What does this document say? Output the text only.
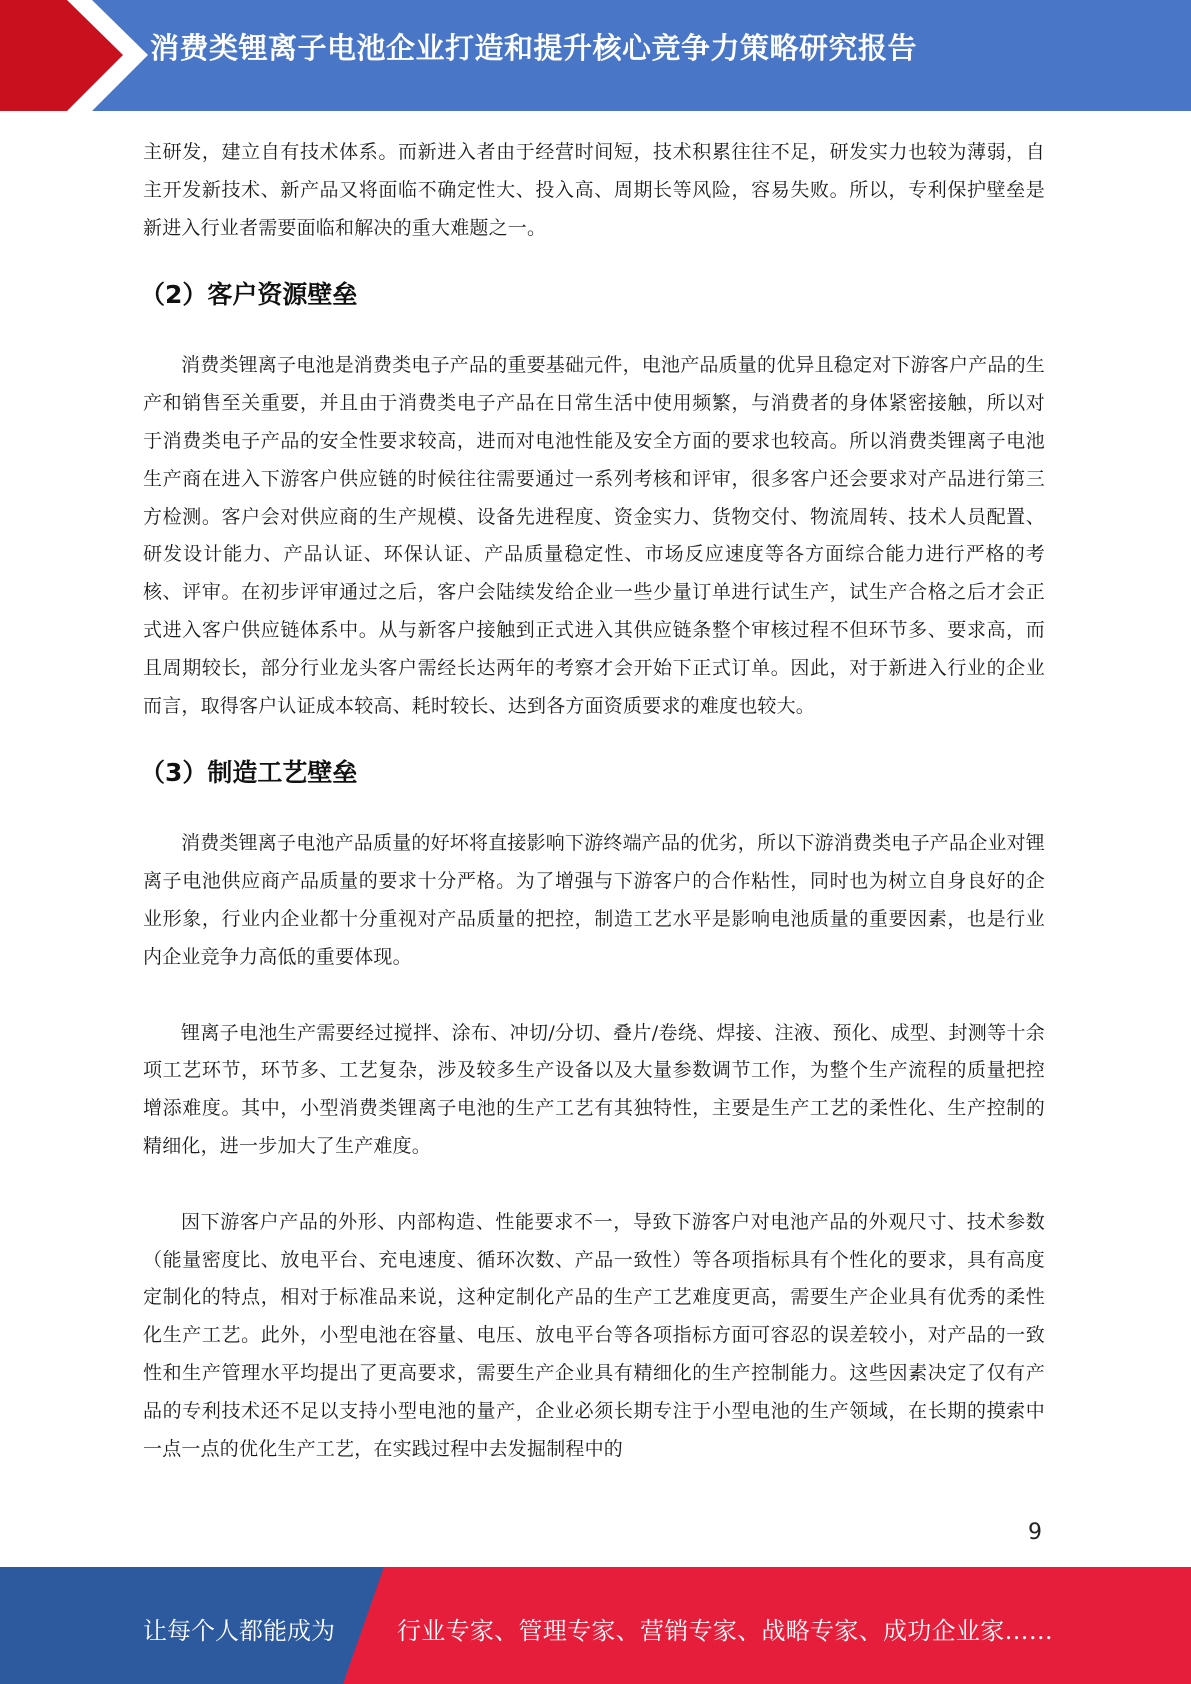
消费类锂离子电池企业打造和提升核心竞争力策略研究报告

主研发，建立自有技术体系。而新进入者由于经营时间短，技术积累往往不足，研发实力也较为薄弱，自主开发新技术、新产品又将面临不确定性大、投入高、周期长等风险，容易失败。所以，专利保护壁垒是新进入行业者需要面临和解决的重大难题之一。

（2）客户资源壁垒

消费类锂离子电池是消费类电子产品的重要基础元件，电池产品质量的优异且稳定对下游客户产品的生产和销售至关重要，并且由于消费类电子产品在日常生活中使用频繁，与消费者的身体紧密接触，所以对于消费类电子产品的安全性要求较高，进而对电池性能及安全方面的要求也较高。所以消费类锂离子电池生产商在进入下游客户供应链的时候往往需要通过一系列考核和评审，很多客户还会要求对产品进行第三方检测。客户会对供应商的生产规模、设备先进程度、资金实力、货物交付、物流周转、技术人员配置、研发设计能力、产品认证、环保认证、产品质量稳定性、市场反应速度等各方面综合能力进行严格的考核、评审。在初步评审通过之后，客户会陆续发给企业一些少量订单进行试生产，试生产合格之后才会正式进入客户供应链体系中。从与新客户接触到正式进入其供应链条整个审核过程不但环节多、要求高，而且周期较长，部分行业龙头客户需经长达两年的考察才会开始下正式订单。因此，对于新进入行业的企业而言，取得客户认证成本较高、耗时较长、达到各方面资质要求的难度也较大。

（3）制造工艺壁垒

消费类锂离子电池产品质量的好坏将直接影响下游终端产品的优劣，所以下游消费类电子产品企业对锂离子电池供应商产品质量的要求十分严格。为了增强与下游客户的合作粘性，同时也为树立自身良好的企业形象，行业内企业都十分重视对产品质量的把控，制造工艺水平是影响电池质量的重要因素，也是行业内企业竞争力高低的重要体现。

锂离子电池生产需要经过搅拌、涂布、冲切/分切、叠片/卷绕、焊接、注液、预化、成型、封测等十余项工艺环节，环节多、工艺复杂，涉及较多生产设备以及大量参数调节工作，为整个生产流程的质量把控增添难度。其中，小型消费类锂离子电池的生产工艺有其独特性，主要是生产工艺的柔性化、生产控制的精细化，进一步加大了生产难度。

因下游客户产品的外形、内部构造、性能要求不一，导致下游客户对电池产品的外观尺寸、技术参数（能量密度比、放电平台、充电速度、循环次数、产品一致性）等各项指标具有个性化的要求，具有高度定制化的特点，相对于标准品来说，这种定制化产品的生产工艺难度更高，需要生产企业具有优秀的柔性化生产工艺。此外，小型电池在容量、电压、放电平台等各项指标方面可容忍的误差较小，对产品的一致性和生产管理水平均提出了更高要求，需要生产企业具有精细化的生产控制能力。这些因素决定了仅有产品的专利技术还不足以支持小型电池的量产，企业必须长期专注于小型电池的生产领域，在长期的摸索中一点一点的优化生产工艺，在实践过程中去发掘制程中的

9
让每个人都能成为	行业专家、管理专家、营销专家、战略专家、成功企业家……
